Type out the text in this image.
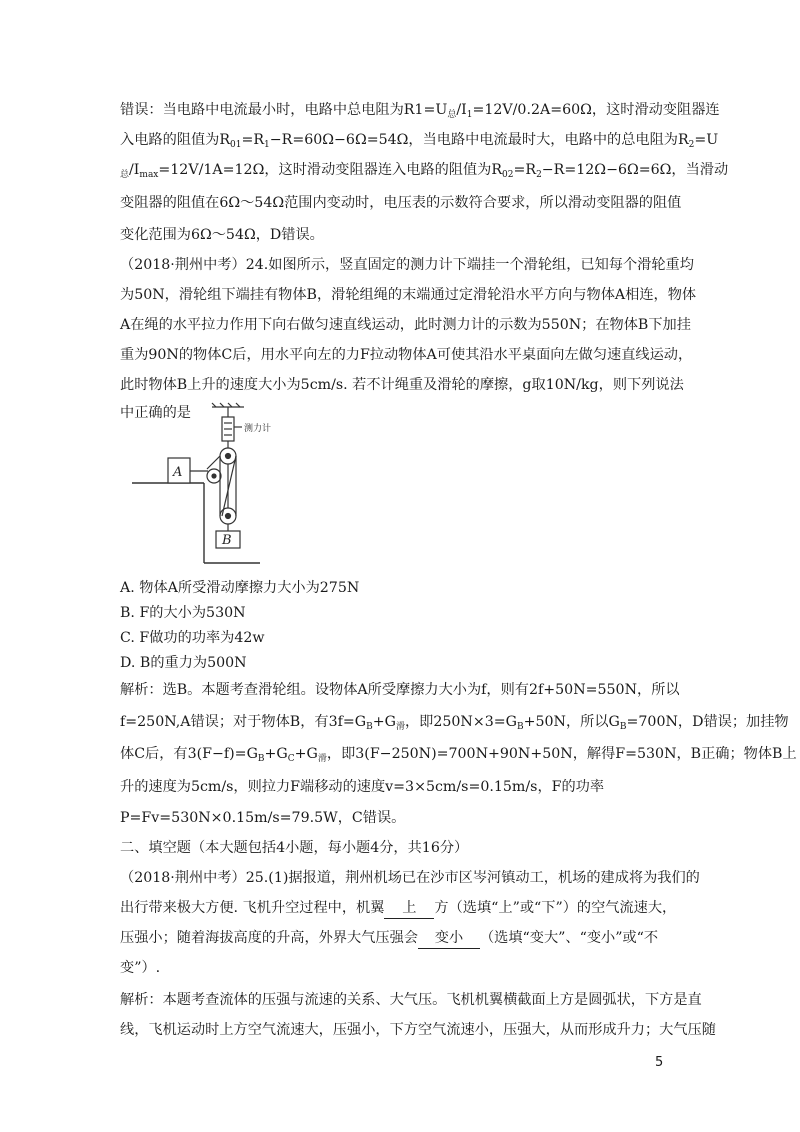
错误：当电路中电流最小时，电路中总电阻为$R1=U_总/I_1=12V/0.2A=60\Omega$，这时滑动变阻器连
入电路的阻值为$R_{01}=R_1-R=60\Omega-6\Omega=54\Omega$，当电路中电流最时大，电路中的总电阻为$R_2=U$
$_总/I_{max}=12V/1A=12\Omega$，这时滑动变阻器连入电路的阻值为$R_{02}=R_2-R=12\Omega-6\Omega=6\Omega$，当滑动
变阻器的阻值在6Ω～54Ω范围内变动时，电压表的示数符合要求，所以滑动变阻器的阻值
变化范围为6Ω～54Ω，D错误。
（2018·荆州中考）24.如图所示，竖直固定的测力计下端挂一个滑轮组，已知每个滑轮重均
为50N，滑轮组下端挂有物体B，滑轮组绳的末端通过定滑轮沿水平方向与物体A相连，物体
A在绳的水平拉力作用下向右做匀速直线运动，此时测力计的示数为550N；在物体B下加挂
重为90N的物体C后，用水平向左的力F拉动物体A可使其沿水平桌面向左做匀速直线运动，
此时物体B上升的速度大小为5cm/s. 若不计绳重及滑轮的摩擦，g取10N/kg，则下列说法
中正确的是
测力计
A
B
A. 物体A所受滑动摩擦力大小为275N
B. F的大小为530N
C. F做功的功率为42w
D. B的重力为500N
解析：选B。本题考查滑轮组。设物体A所受摩擦力大小为f，则有2f+50N=550N，所以
f=250N,A错误；对于物体B，有$3f=G_B+G_滑$，即$250N\times 3=G_B+50N$，所以$G_B=700N$，D错误；加挂物
体C后，有$3(F-f)=G_B+G_C+G_滑$，即3(F−250N)=700N+90N+50N，解得F=530N，B正确；物体B上
升的速度为5cm/s，则拉力F端移动的速度v=3×5cm/s=0.15m/s，F的功率
P=Fv=530N×0.15m/s=79.5W，C错误。
二、填空题（本大题包括4小题，每小题4分，共16分）
（2018·荆州中考）25.(1)据报道，荆州机场已在沙市区岑河镇动工，机场的建成将为我们的
出行带来极大方便. 飞机升空过程中，机翼 上 方（选填“上”或“下”）的空气流速大，
压强小；随着海拔高度的升高，外界大气压强会 变小 （选填“变大”、“变小”或“不
变”）.
解析：本题考查流体的压强与流速的关系、大气压。飞机机翼横截面上方是圆弧状，下方是直
线，飞机运动时上方空气流速大，压强小，下方空气流速小，压强大，从而形成升力；大气压随
5
